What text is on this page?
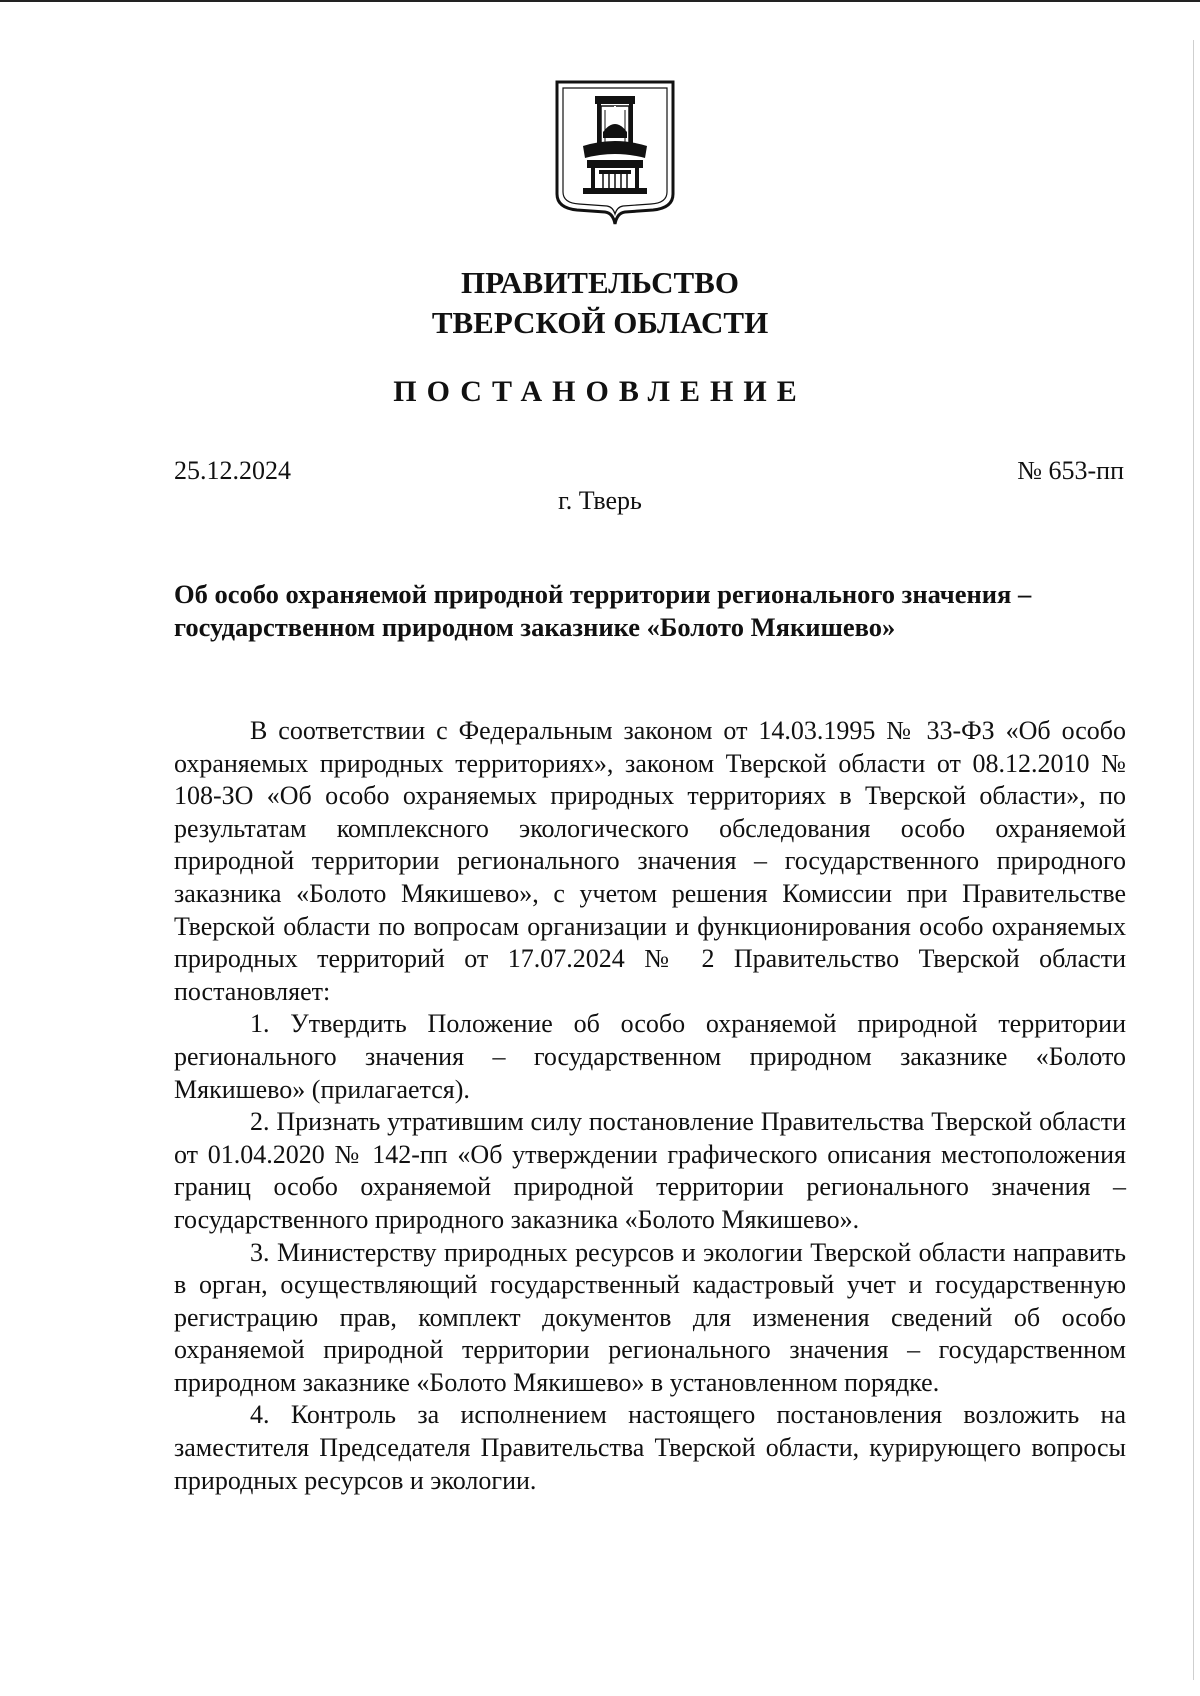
ПРАВИТЕЛЬСТВО
ТВЕРСКОЙ ОБЛАСТИ
ПОСТАНОВЛЕНИЕ
25.12.2024	№ 653-пп
г. Тверь
Об особо охраняемой природной территории регионального значения – государственном природном заказнике «Болото Мякишево»

В соответствии с Федеральным законом от 14.03.1995 № 33-ФЗ «Об особо охраняемых природных территориях», законом Тверской области от 08.12.2010 № 108-ЗО «Об особо охраняемых природных территориях в Тверской области», по результатам комплексного экологического обследования особо охраняемой природной территории регионального значения – государственного природного заказника «Болото Мякишево», с учетом решения Комиссии при Правительстве Тверской области по вопросам организации и функционирования особо охраняемых природных территорий от 17.07.2024 № 2 Правительство Тверской области постановляет:

1. Утвердить Положение об особо охраняемой природной территории регионального значения – государственном природном заказнике «Болото Мякишево» (прилагается).

2. Признать утратившим силу постановление Правительства Тверской области от 01.04.2020 № 142-пп «Об утверждении графического описания местоположения границ особо охраняемой природной территории регионального значения – государственного природного заказника «Болото Мякишево».

3. Министерству природных ресурсов и экологии Тверской области направить в орган, осуществляющий государственный кадастровый учет и государственную регистрацию прав, комплект документов для изменения сведений об особо охраняемой природной территории регионального значения – государственном природном заказнике «Болото Мякишево» в установленном порядке.

4. Контроль за исполнением настоящего постановления возложить на заместителя Председателя Правительства Тверской области, курирующего вопросы природных ресурсов и экологии.
